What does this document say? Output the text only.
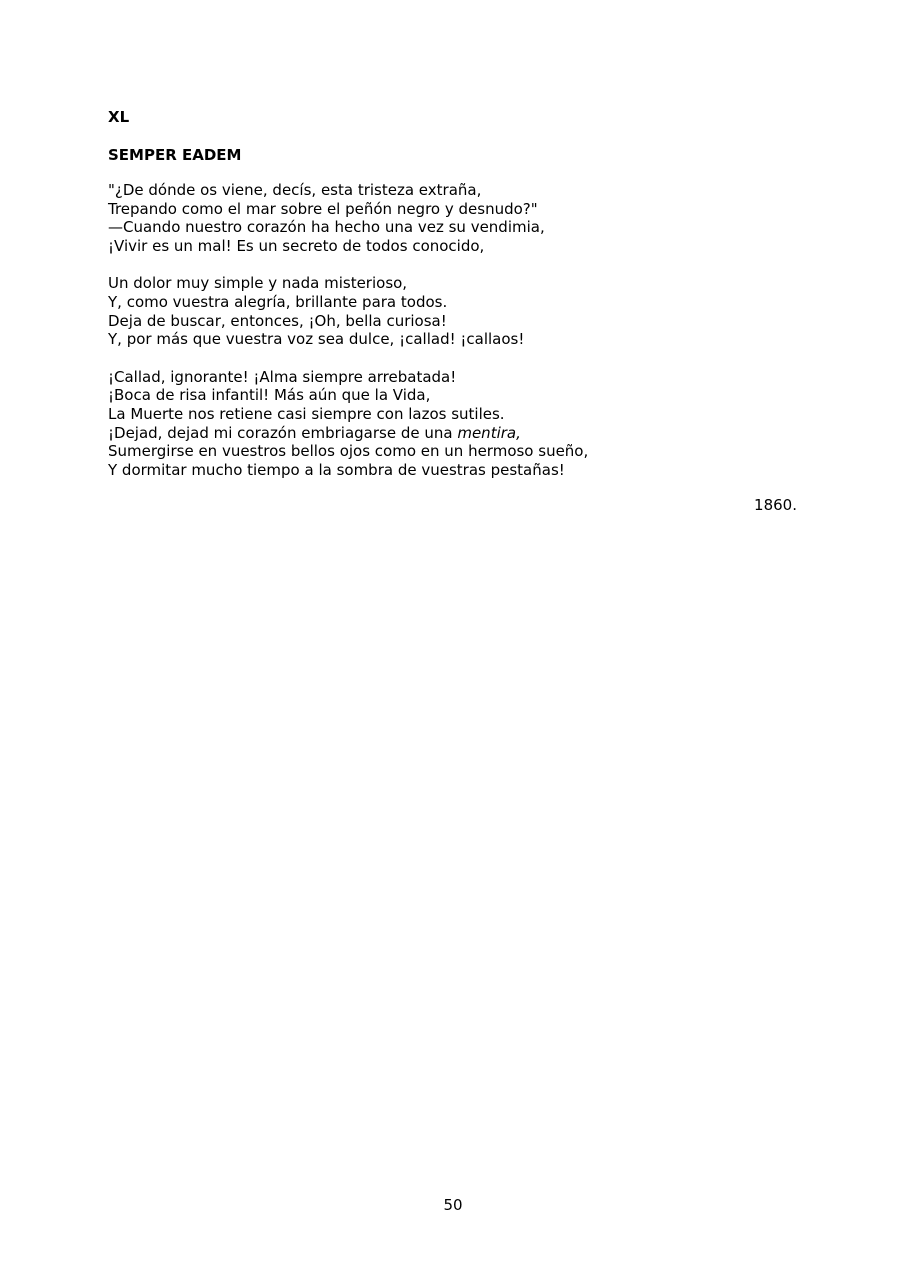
XL
SEMPER EADEM
"¿De dónde os viene, decís, esta tristeza extraña,
Trepando como el mar sobre el peñón negro y desnudo?"
—Cuando nuestro corazón ha hecho una vez su vendimia,
¡Vivir es un mal! Es un secreto de todos conocido,
Un dolor muy simple y nada misterioso,
Y, como vuestra alegría, brillante para todos.
Deja de buscar, entonces, ¡Oh, bella curiosa!
Y, por más que vuestra voz sea dulce, ¡callad! ¡callaos!
¡Callad, ignorante! ¡Alma siempre arrebatada!
¡Boca de risa infantil! Más aún que la Vida,
La Muerte nos retiene casi siempre con lazos sutiles.
¡Dejad, dejad mi corazón embriagarse de una mentira,
Sumergirse en vuestros bellos ojos como en un hermoso sueño,
Y dormitar mucho tiempo a la sombra de vuestras pestañas!
1860.
50
